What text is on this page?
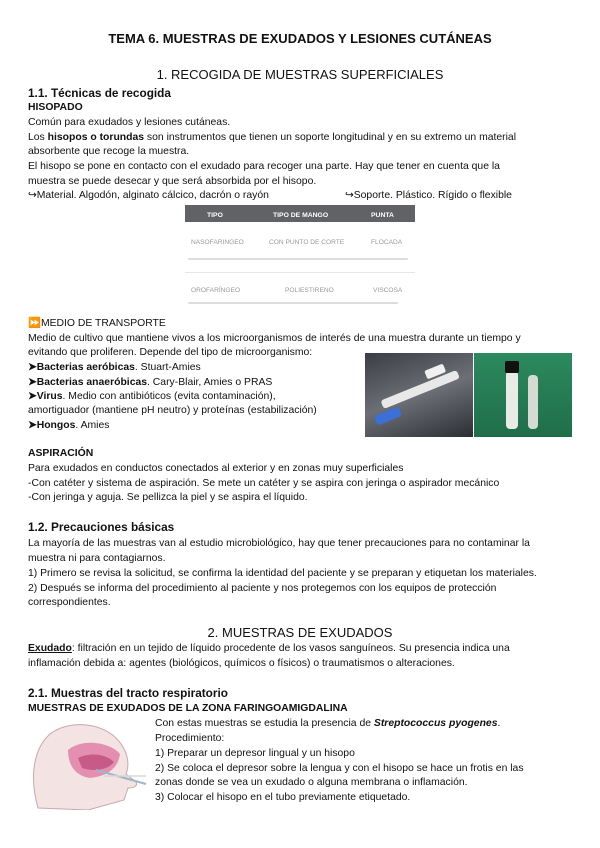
TEMA 6. MUESTRAS DE EXUDADOS Y LESIONES CUTÁNEAS
1. RECOGIDA DE MUESTRAS SUPERFICIALES
1.1. Técnicas de recogida
HISOPADO
Común para exudados y lesiones cutáneas.
Los hisopos o torundas son instrumentos que tienen un soporte longitudinal y en su extremo un material
absorbente que recoge la muestra.
El hisopo se pone en contacto con el exudado para recoger una parte. Hay que tener en cuenta que la
muestra se puede desecar y que será absorbida por el hisopo.
↪Material. Algodón, alginato cálcico, dacrón o rayón	↪Soporte. Plástico. Rígido o flexible
TIPO	TIPO DE MANGO	PUNTA
NASOFARINGEO	CON PUNTO DE CORTE	FLOCADA
OROFARÍNGEO	POLIESTIRENO	VISCOSA
⏩MEDIO DE TRANSPORTE
Medio de cultivo que mantiene vivos a los microorganismos de interés de una muestra durante un tiempo y
evitando que proliferen. Depende del tipo de microorganismo:
➤Bacterias aeróbicas. Stuart-Amies
➤Bacterias anaeróbicas. Cary-Blair, Amies o PRAS
➤Virus. Medio con antibióticos (evita contaminación),
amortiguador (mantiene pH neutro) y proteínas (estabilización)
➤Hongos. Amies
ASPIRACIÓN
Para exudados en conductos conectados al exterior y en zonas muy superficiales
-Con catéter y sistema de aspiración. Se mete un catéter y se aspira con jeringa o aspirador mecánico
-Con jeringa y aguja. Se pellizca la piel y se aspira el líquido.
1.2. Precauciones básicas
La mayoría de las muestras van al estudio microbiológico, hay que tener precauciones para no contaminar la
muestra ni para contagiarnos.
1) Primero se revisa la solicitud, se confirma la identidad del paciente y se preparan y etiquetan los materiales.
2) Después se informa del procedimiento al paciente y nos protegemos con los equipos de protección
correspondientes.
2. MUESTRAS DE EXUDADOS
Exudado: filtración en un tejido de líquido procedente de los vasos sanguíneos. Su presencia indica una
inflamación debida a: agentes (biológicos, químicos o físicos) o traumatismos o alteraciones.
2.1. Muestras del tracto respiratorio
MUESTRAS DE EXUDADOS DE LA ZONA FARINGOAMIGDALINA
Con estas muestras se estudia la presencia de Streptococcus pyogenes.
Procedimiento:
1) Preparar un depresor lingual y un hisopo
2) Se coloca el depresor sobre la lengua y con el hisopo se hace un frotis en las
zonas donde se vea un exudado o alguna membrana o inflamación.
3) Colocar el hisopo en el tubo previamente etiquetado.
